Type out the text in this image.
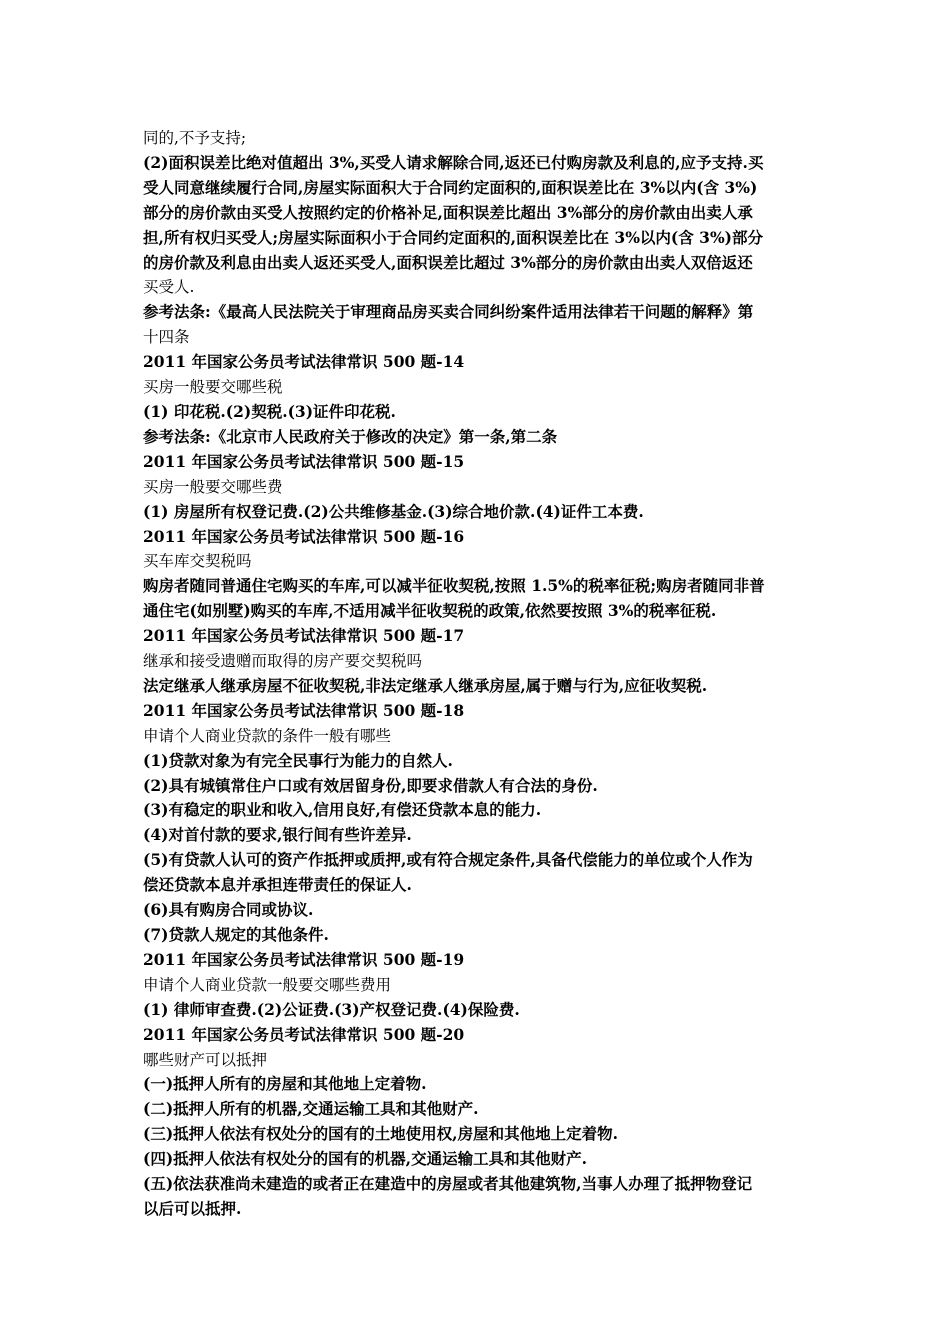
同的,不予支持;
(2)面积误差比绝对值超出 3%,买受人请求解除合同,返还已付购房款及利息的,应予支持.买
受人同意继续履行合同,房屋实际面积大于合同约定面积的,面积误差比在 3%以内(含 3%)
部分的房价款由买受人按照约定的价格补足,面积误差比超出 3%部分的房价款由出卖人承
担,所有权归买受人;房屋实际面积小于合同约定面积的,面积误差比在 3%以内(含 3%)部分
的房价款及利息由出卖人返还买受人,面积误差比超过 3%部分的房价款由出卖人双倍返还
买受人.
参考法条:《最高人民法院关于审理商品房买卖合同纠纷案件适用法律若干问题的解释》第
十四条
2011 年国家公务员考试法律常识 500 题-14
买房一般要交哪些税
(1) 印花税.(2)契税.(3)证件印花税.
参考法条:《北京市人民政府关于修改的决定》第一条,第二条
2011 年国家公务员考试法律常识 500 题-15
买房一般要交哪些费
(1) 房屋所有权登记费.(2)公共维修基金.(3)综合地价款.(4)证件工本费.
2011 年国家公务员考试法律常识 500 题-16
买车库交契税吗
购房者随同普通住宅购买的车库,可以减半征收契税,按照 1.5%的税率征税;购房者随同非普
通住宅(如别墅)购买的车库,不适用减半征收契税的政策,依然要按照 3%的税率征税.
2011 年国家公务员考试法律常识 500 题-17
继承和接受遗赠而取得的房产要交契税吗
法定继承人继承房屋不征收契税,非法定继承人继承房屋,属于赠与行为,应征收契税.
2011 年国家公务员考试法律常识 500 题-18
申请个人商业贷款的条件一般有哪些
(1)贷款对象为有完全民事行为能力的自然人.
(2)具有城镇常住户口或有效居留身份,即要求借款人有合法的身份.
(3)有稳定的职业和收入,信用良好,有偿还贷款本息的能力.
(4)对首付款的要求,银行间有些许差异.
(5)有贷款人认可的资产作抵押或质押,或有符合规定条件,具备代偿能力的单位或个人作为
偿还贷款本息并承担连带责任的保证人.
(6)具有购房合同或协议.
(7)贷款人规定的其他条件.
2011 年国家公务员考试法律常识 500 题-19
申请个人商业贷款一般要交哪些费用
(1) 律师审查费.(2)公证费.(3)产权登记费.(4)保险费.
2011 年国家公务员考试法律常识 500 题-20
哪些财产可以抵押
(一)抵押人所有的房屋和其他地上定着物.
(二)抵押人所有的机器,交通运输工具和其他财产.
(三)抵押人依法有权处分的国有的土地使用权,房屋和其他地上定着物.
(四)抵押人依法有权处分的国有的机器,交通运输工具和其他财产.
(五)依法获准尚未建造的或者正在建造中的房屋或者其他建筑物,当事人办理了抵押物登记
以后可以抵押.
